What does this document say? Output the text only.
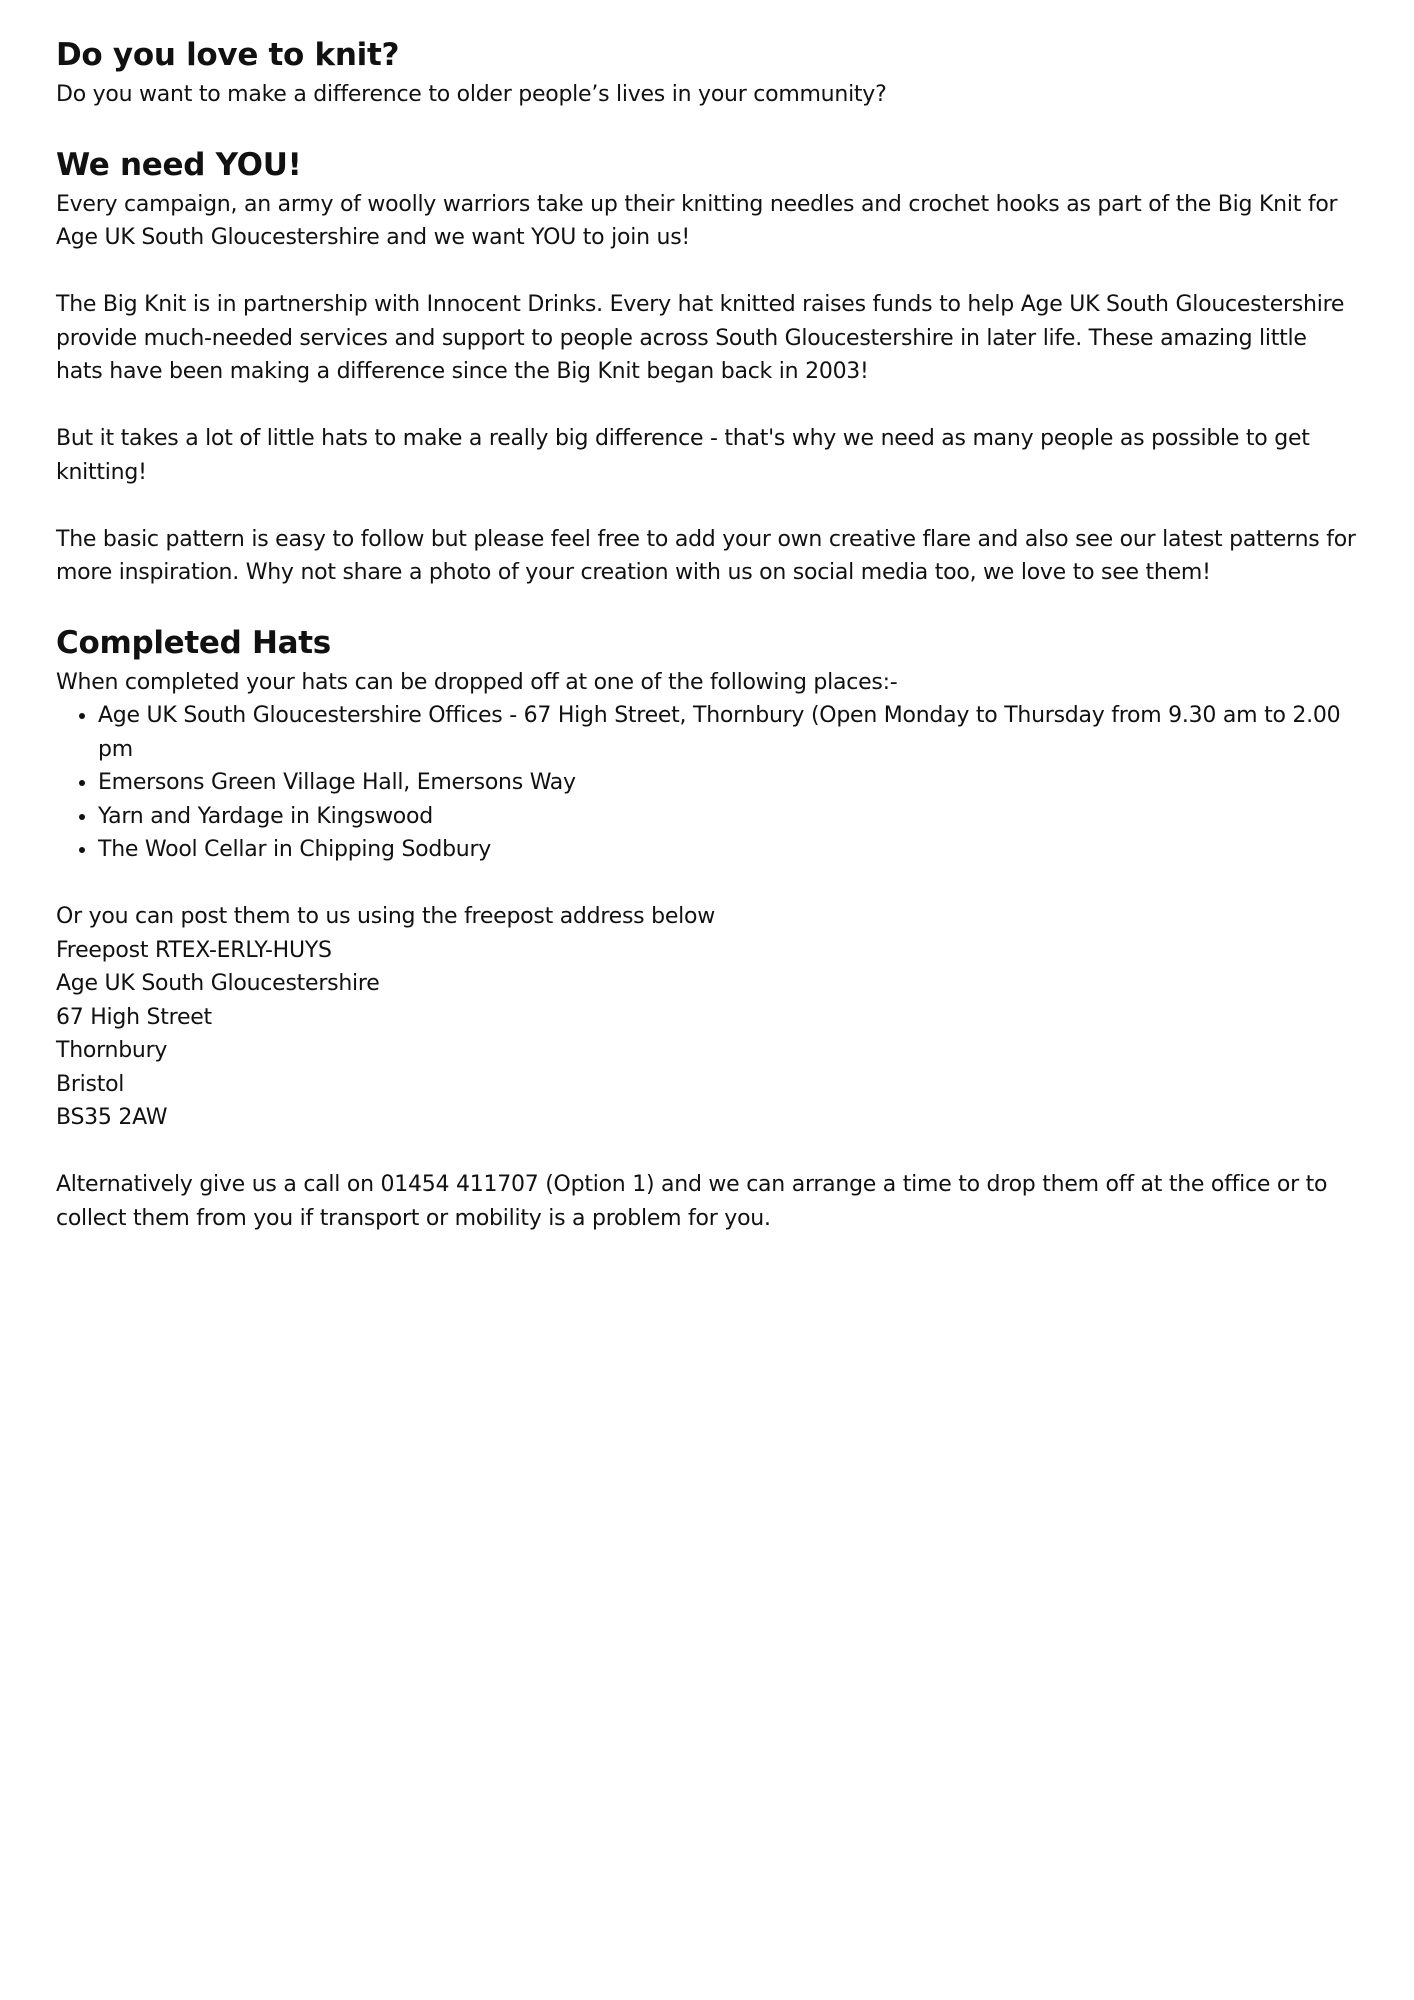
Do you love to knit?

Do you want to make a difference to older people’s lives in your community?

We need YOU!

Every campaign, an army of woolly warriors take up their knitting needles and crochet hooks as part of the Big Knit for Age UK South Gloucestershire and we want YOU to join us!

The Big Knit is in partnership with Innocent Drinks. Every hat knitted raises funds to help Age UK South Gloucestershire provide much-needed services and support to people across South Gloucestershire in later life. These amazing little hats have been making a difference since the Big Knit began back in 2003!

But it takes a lot of little hats to make a really big difference - that's why we need as many people as possible to get knitting!

The basic pattern is easy to follow but please feel free to add your own creative flare and also see our latest patterns for more inspiration. Why not share a photo of your creation with us on social media too, we love to see them!

Completed Hats

When completed your hats can be dropped off at one of the following places:-

• Age UK South Gloucestershire Offices - 67 High Street, Thornbury (Open Monday to Thursday from 9.30 am to 2.00 pm
• Emersons Green Village Hall, Emersons Way
• Yarn and Yardage in Kingswood
• The Wool Cellar in Chipping Sodbury

Or you can post them to us using the freepost address below

Freepost RTEX-ERLY-HUYS
Age UK South Gloucestershire
67 High Street
Thornbury
Bristol
BS35 2AW

Alternatively give us a call on 01454 411707 (Option 1) and we can arrange a time to drop them off at the office or to collect them from you if transport or mobility is a problem for you.
